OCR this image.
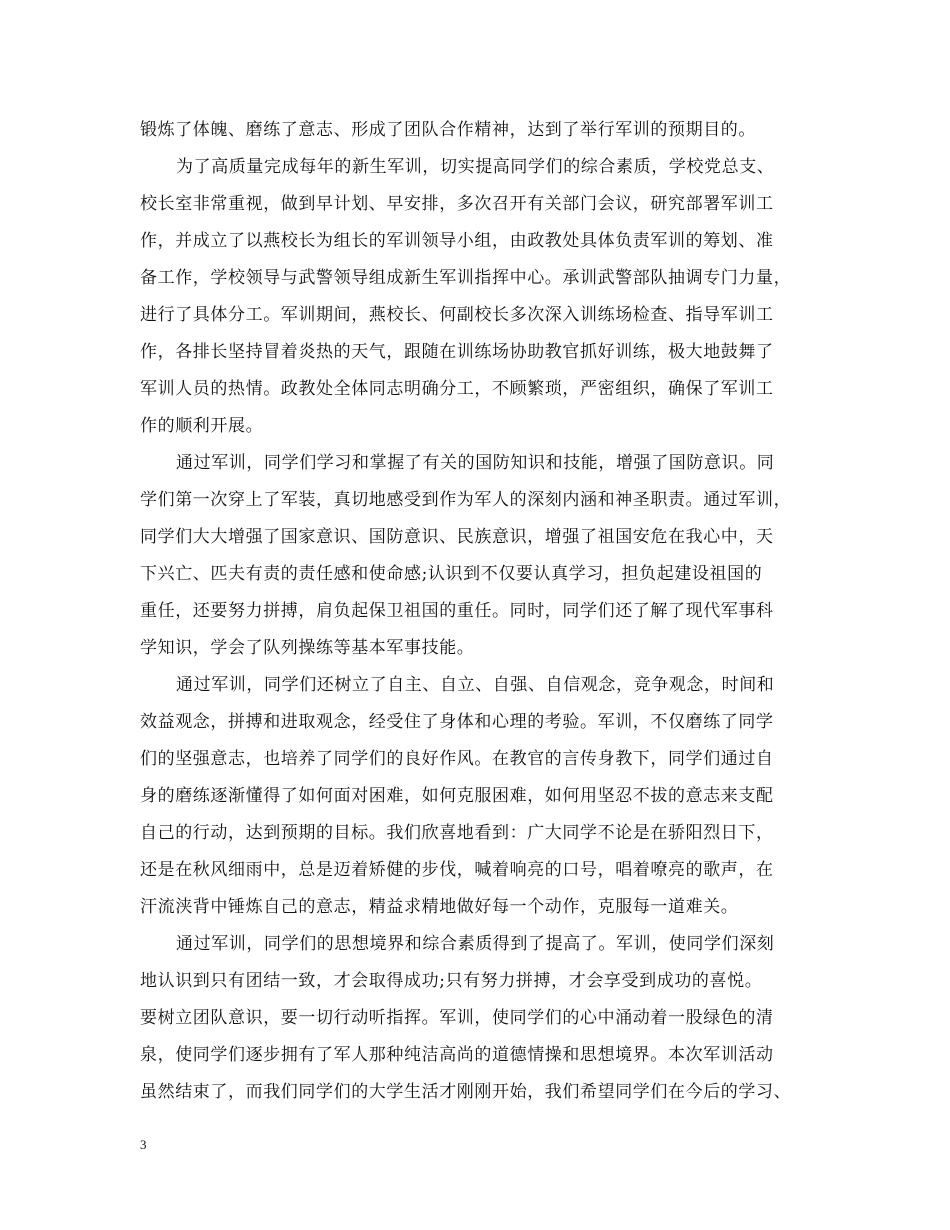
锻炼了体魄、磨练了意志、形成了团队合作精神，达到了举行军训的预期目的。
为了高质量完成每年的新生军训，切实提高同学们的综合素质，学校党总支、
校长室非常重视，做到早计划、早安排，多次召开有关部门会议，研究部署军训工
作，并成立了以燕校长为组长的军训领导小组，由政教处具体负责军训的筹划、准
备工作，学校领导与武警领导组成新生军训指挥中心。承训武警部队抽调专门力量，
进行了具体分工。军训期间，燕校长、何副校长多次深入训练场检查、指导军训工
作，各排长坚持冒着炎热的天气，跟随在训练场协助教官抓好训练，极大地鼓舞了
军训人员的热情。政教处全体同志明确分工，不顾繁琐，严密组织，确保了军训工
作的顺利开展。
通过军训，同学们学习和掌握了有关的国防知识和技能，增强了国防意识。同
学们第一次穿上了军装，真切地感受到作为军人的深刻内涵和神圣职责。通过军训，
同学们大大增强了国家意识、国防意识、民族意识，增强了祖国安危在我心中，天
下兴亡、匹夫有责的责任感和使命感;认识到不仅要认真学习，担负起建设祖国的
重任，还要努力拼搏，肩负起保卫祖国的重任。同时，同学们还了解了现代军事科
学知识，学会了队列操练等基本军事技能。
通过军训，同学们还树立了自主、自立、自强、自信观念，竞争观念，时间和
效益观念，拼搏和进取观念，经受住了身体和心理的考验。军训，不仅磨练了同学
们的坚强意志，也培养了同学们的良好作风。在教官的言传身教下，同学们通过自
身的磨练逐渐懂得了如何面对困难，如何克服困难，如何用坚忍不拔的意志来支配
自己的行动，达到预期的目标。我们欣喜地看到：广大同学不论是在骄阳烈日下，
还是在秋风细雨中，总是迈着矫健的步伐，喊着响亮的口号，唱着嘹亮的歌声，在
汗流浃背中锤炼自己的意志，精益求精地做好每一个动作，克服每一道难关。
通过军训，同学们的思想境界和综合素质得到了提高了。军训，使同学们深刻
地认识到只有团结一致，才会取得成功;只有努力拼搏，才会享受到成功的喜悦。
要树立团队意识，要一切行动听指挥。军训，使同学们的心中涌动着一股绿色的清
泉，使同学们逐步拥有了军人那种纯洁高尚的道德情操和思想境界。本次军训活动
虽然结束了，而我们同学们的大学生活才刚刚开始，我们希望同学们在今后的学习、
3
